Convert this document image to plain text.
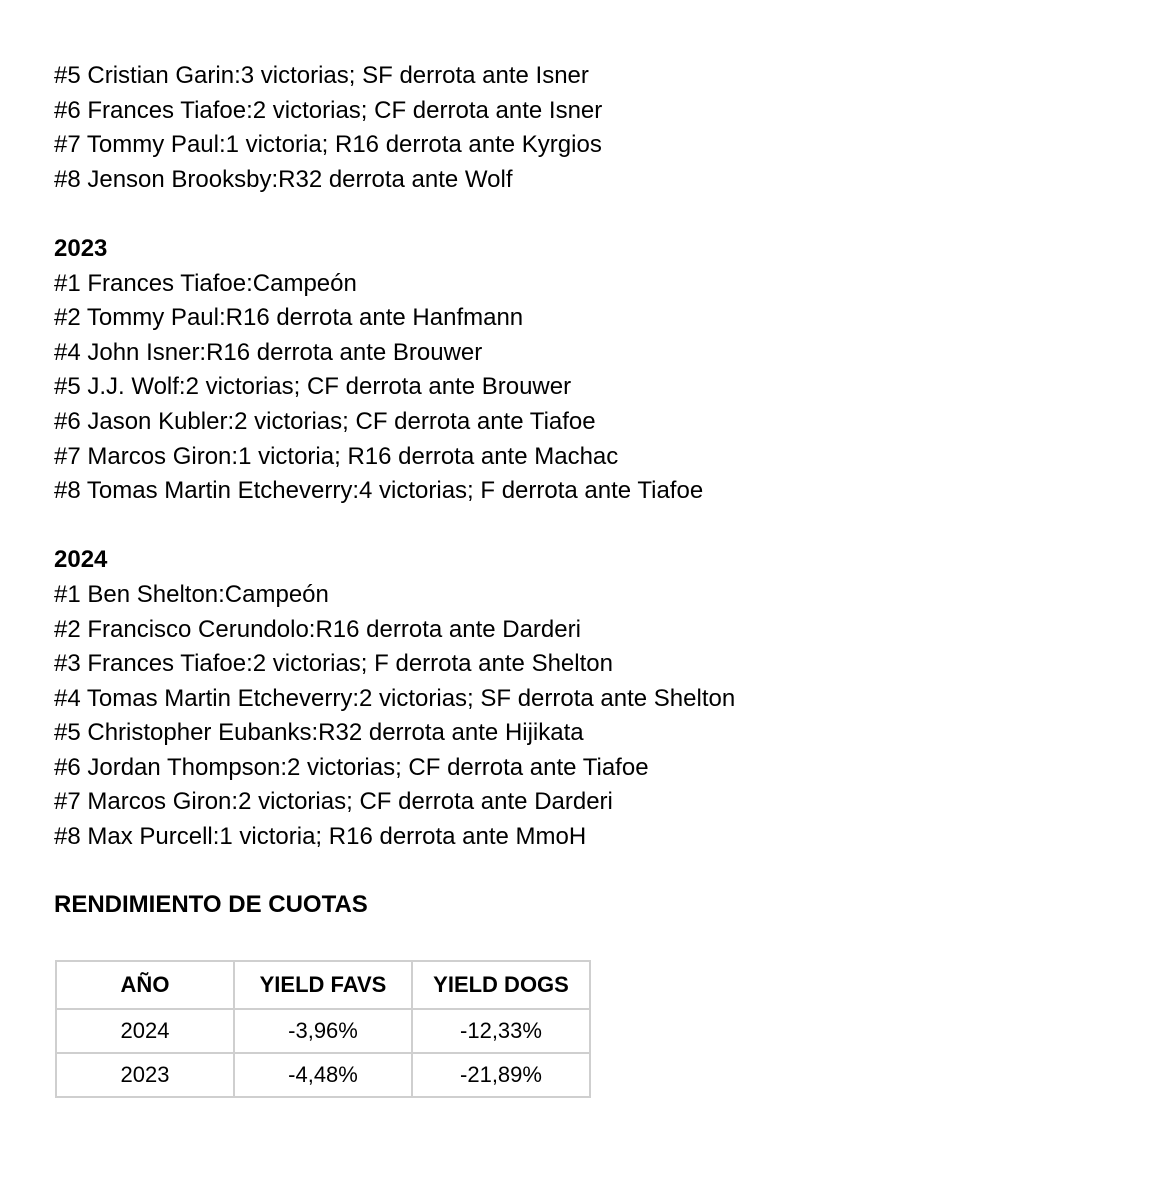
#5 Cristian Garin:3 victorias; SF derrota ante Isner
#6 Frances Tiafoe:2 victorias; CF derrota ante Isner
#7 Tommy Paul:1 victoria; R16 derrota ante Kyrgios
#8 Jenson Brooksby:R32 derrota ante Wolf
2023
#1 Frances Tiafoe:Campeón
#2 Tommy Paul:R16 derrota ante Hanfmann
#4 John Isner:R16 derrota ante Brouwer
#5 J.J. Wolf:2 victorias; CF derrota ante Brouwer
#6 Jason Kubler:2 victorias; CF derrota ante Tiafoe
#7 Marcos Giron:1 victoria; R16 derrota ante Machac
#8 Tomas Martin Etcheverry:4 victorias; F derrota ante Tiafoe
2024
#1 Ben Shelton:Campeón
#2 Francisco Cerundolo:R16 derrota ante Darderi
#3 Frances Tiafoe:2 victorias; F derrota ante Shelton
#4 Tomas Martin Etcheverry:2 victorias; SF derrota ante Shelton
#5 Christopher Eubanks:R32 derrota ante Hijikata
#6 Jordan Thompson:2 victorias; CF derrota ante Tiafoe
#7 Marcos Giron:2 victorias; CF derrota ante Darderi
#8 Max Purcell:1 victoria; R16 derrota ante MmoH
RENDIMIENTO DE CUOTAS
AÑO	YIELD FAVS	YIELD DOGS
2024	-3,96%	-12,33%
2023	-4,48%	-21,89%
